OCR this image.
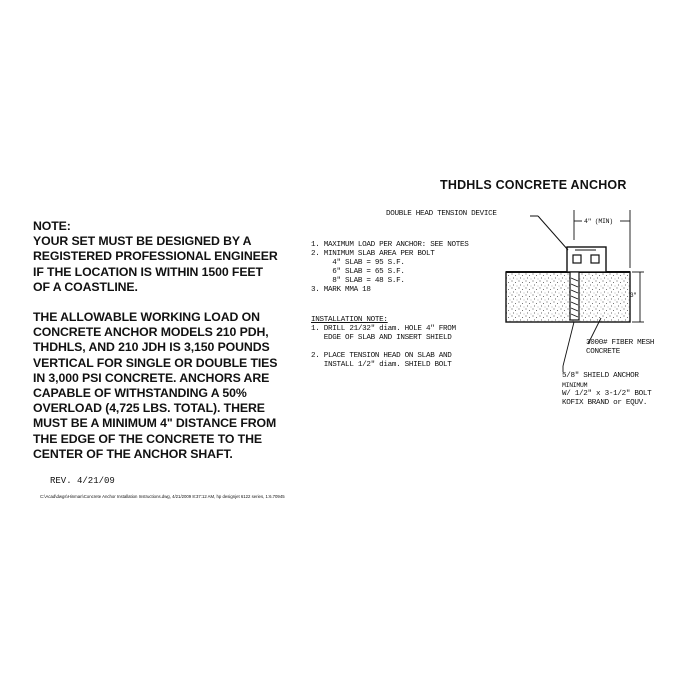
NOTE:

YOUR SET MUST BE DESIGNED BY A REGISTERED PROFESSIONAL ENGINEER IF THE LOCATION IS WITHIN 1500 FEET OF A COASTLINE.

THE ALLOWABLE WORKING LOAD ON CONCRETE ANCHOR MODELS 210 PDH, THDHLS, AND 210 JDH IS 3,150 POUNDS VERTICAL FOR SINGLE OR DOUBLE TIES IN 3,000 PSI CONCRETE. ANCHORS ARE CAPABLE OF WITHSTANDING A 50% OVERLOAD (4,725 LBS. TOTAL). THERE MUST BE A MINIMUM 4" DISTANCE FROM THE EDGE OF THE CONCRETE TO THE CENTER OF THE ANCHOR SHAFT.

REV. 4/21/09
C:\Acad\dwgs\Hinman\Concrete Anchor Installation Instructions.dwg, 4/21/2009 8:37:12 AM, hp designjet 6122 series, 1:6.70945
THDHLS CONCRETE ANCHOR
DOUBLE HEAD TENSION DEVICE
4" (MIN)
3"
1. MAXIMUM LOAD PER ANCHOR: SEE NOTES
2. MINIMUM SLAB AREA PER BOLT
4" SLAB = 95 S.F.
6" SLAB = 65 S.F.
8" SLAB = 48 S.F.
3. MARK MMA 18
INSTALLATION NOTE:
1. DRILL 21/32" diam. HOLE 4" FROM
EDGE OF SLAB AND INSERT SHIELD
2. PLACE TENSION HEAD ON SLAB AND
INSTALL 1/2" diam. SHIELD BOLT
3000# FIBER MESH
CONCRETE
5/8" SHIELD ANCHOR
MINIMUM
W/ 1/2" x 3-1/2" BOLT
KOFIX BRAND or EQUV.
